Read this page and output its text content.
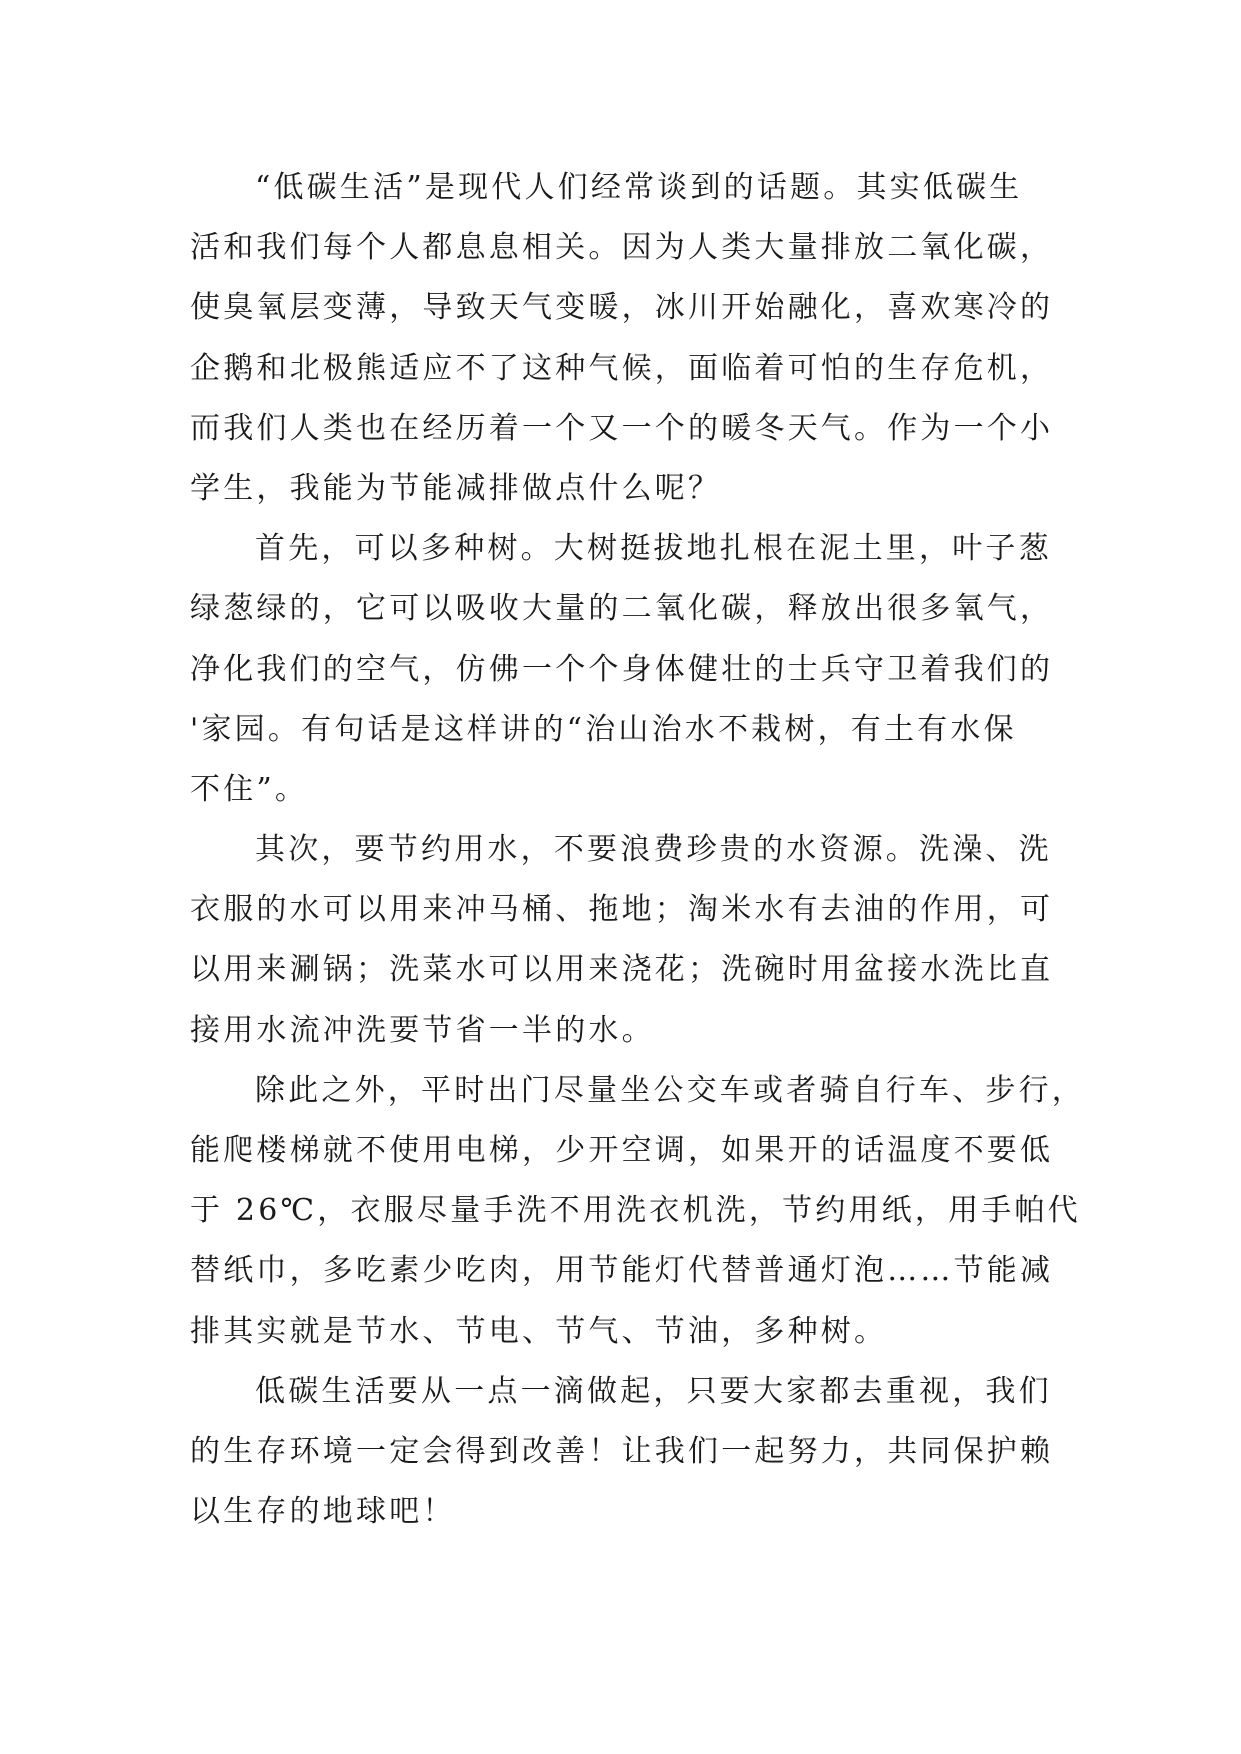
“低碳生活”是现代人们经常谈到的话题。其实低碳生
活和我们每个人都息息相关。因为人类大量排放二氧化碳，
使臭氧层变薄，导致天气变暖，冰川开始融化，喜欢寒冷的
企鹅和北极熊适应不了这种气候，面临着可怕的生存危机，
而我们人类也在经历着一个又一个的暖冬天气。作为一个小
学生，我能为节能减排做点什么呢？
首先，可以多种树。大树挺拔地扎根在泥土里，叶子葱
绿葱绿的，它可以吸收大量的二氧化碳，释放出很多氧气，
净化我们的空气，仿佛一个个身体健壮的士兵守卫着我们的
'家园。有句话是这样讲的“治山治水不栽树，有土有水保
不住”。
其次，要节约用水，不要浪费珍贵的水资源。洗澡、洗
衣服的水可以用来冲马桶、拖地；淘米水有去油的作用，可
以用来涮锅；洗菜水可以用来浇花；洗碗时用盆接水洗比直
接用水流冲洗要节省一半的水。
除此之外，平时出门尽量坐公交车或者骑自行车、步行，
能爬楼梯就不使用电梯，少开空调，如果开的话温度不要低
于 26℃，衣服尽量手洗不用洗衣机洗，节约用纸，用手帕代
替纸巾，多吃素少吃肉，用节能灯代替普通灯泡……节能减
排其实就是节水、节电、节气、节油，多种树。
低碳生活要从一点一滴做起，只要大家都去重视，我们
的生存环境一定会得到改善！让我们一起努力，共同保护赖
以生存的地球吧！
